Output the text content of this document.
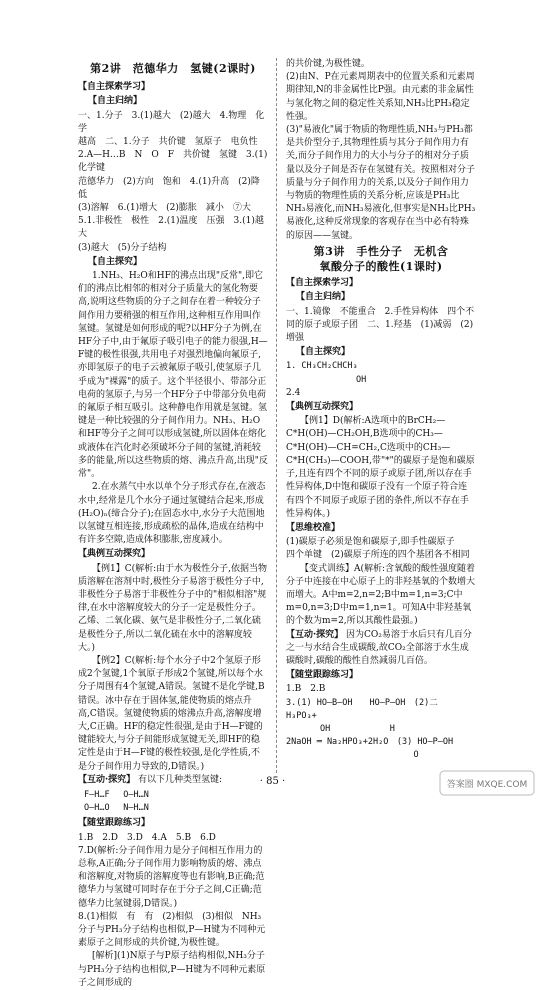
第2讲　范德华力　氢键(2课时)
【自主探索学习】
【自主归纳】

一、1.分子　3.(1)越大　(2)越大　4.物理　化学

越高　二、1.分子　共价键　氢原子　电负性

2.A—H…B　N　O　F　共价键　氢键　3.(1)化学键

范德华力　(2)方向　饱和　4.(1)升高　(2)降低

(3)溶解　6.(1)增大　(2)膨胀　减小　⑦大

5.1.非极性　极性　2.(1)温度　压强　3.(1)越大

(3)越大　(5)分子结构

【自主探究】

1.NH₃、H₂O和HF的沸点出现"反常",即它们的沸点比相邻的相对分子质量大的氢化物要高,说明这些物质的分子之间存在着一种较分子间作用力要稍强的相互作用,这种相互作用叫作氢键。氢键是如何形成的呢?以HF分子为例,在HF分子中,由于氟原子吸引电子的能力很强,H—F键的极性很强,共用电子对强烈地偏向氟原子,亦即氢原子的电子云被氟原子吸引,使氢原子几乎成为"裸露"的质子。这个半径很小、带部分正电荷的氢原子,与另一个HF分子中带部分负电荷的氟原子相互吸引。这种静电作用就是氢键。氢键是一种比较强的分子间作用力。NH₃、H₂O和HF等分子之间可以形成氢键,所以固体在熔化或液体在汽化时必须破坏分子间的氢键,消耗较多的能量,所以这些物质的熔、沸点升高,出现"反常"。

2.在水蒸气中水以单个分子形式存在,在液态水中,经常是几个水分子通过氢键结合起来,形成(H₂O)ₙ(缔合分子);在固态水中,水分子大范围地以氢键互相连接,形成疏松的晶体,造成在结构中有许多空隙,造成体积膨胀,密度减小。

【典例互动探究】

【例1】C(解析:由于水为极性分子,依据当物质溶解在溶剂中时,极性分子易溶于极性分子中,非极性分子易溶于非极性分子中的"相似相溶"规律,在水中溶解度较大的分子一定是极性分子。乙烯、二氧化碳、氨气是非极性分子,二氧化硫是极性分子,所以二氧化硫在水中的溶解度较大。)

【例2】C(解析:每个水分子中2个氢原子形成2个氢键,1个氧原子形成2个氢键,所以每个水分子周围有4个氢键,A错误。氢键不是化学键,B错误。冰中存在于固体氢,能使物质的熔点升高,C错误。氢键使物质的熔沸点升高,溶解度增大,C正确。HF的稳定性很强,是由于H—F键的键能较大,与分子间能形成氢键无关,即HF的稳定性是由于H—F键的极性较强,是化学性质,不是分子间作用力导致的,D错误。)

【互动·探究】 有以下几种类型氢键:

F—H…F　 O—H…N
O—H…O　 N—H…N
【随堂跟踪练习】

1.B　2.D　3.D　4.A　5.B　6.D

7.D(解析:分子间作用力是分子间相互作用力的总称,A正确;分子间作用力影响物质的熔、沸点和溶解度,对物质的溶解度等也有影响,B正确;范德华力与氢键可同时存在于分子之间,C正确;范德华力比氢键弱,D错误。)

8.(1)相似　有　有　(2)相似　(3)相似　NH₃分子与PH₃分子结构也相似,P—H键为不同种元素原子之间形成的共价键,为极性键。

[解析](1)N原子与P原子结构相似,NH₃分子与PH₃分子结构也相似,P—H键为不同种元素原子之间形成的

的共价键,为极性键。

(2)由N、P在元素周期表中的位置关系和元素周期律知,N的非金属性比P强。由元素的非金属性与氢化物之间的稳定性关系知,NH₃比PH₃稳定性强。

(3)"易液化"属于物质的物理性质,NH₃与PH₃都是共价型分子,其物理性质与其分子间作用力有关,而分子间作用力的大小与分子的相对分子质量以及分子间是否存在氢键有关。按照相对分子质量与分子间作用力的关系,以及分子间作用力与物质的物理性质的关系分析,应该是PH₃比NH₃易液化,而NH₃易液化,但事实是NH₃比PH₃易液化,这种反常现象的客观存在当中必有特殊的原因——氢键。

第3讲　手性分子　无机含
氧酸分子的酸性(1课时)
【自主探索学习】
【自主归纳】

一、1.镜像　不能重合　2.手性异构体　四个不同的原子或原子团　二、1.羟基　(1)减弱　(2)增强

【自主探究】

1. CH₃CH₂CHCH₃

OH

2.4

【典例互动探究】

【例1】D(解析:A选项中的BrCH₂—C*H(OH)—CH₂OH,B选项中的CH₃—C*H(OH)—CH=CH₂,C选项中的CH₃—C*H(CH₃)—COOH,带"*"的碳原子是饱和碳原子,且连有四个不同的原子或原子团,所以存在手性异构体,D中饱和碳原子没有一个原子符合连有四个不同原子或原子团的条件,所以不存在手性异构体。)

【思维校准】

(1)碳原子必须是饱和碳原子,即手性碳原子

四个单键　(2)碳原子所连的四个基团各不相同

【变式训练】A(解析:含氧酸的酸性强度随着分子中连接在中心原子上的非羟基氧的个数增大而增大。A中m=2,n=2;B中m=1,n=3;C中m=0,n=3;D中m=1,n=1。可知A中非羟基氧的个数为m=2,所以其酸性最强。)

【互动·探究】 因为CO₂易溶于水后只有几百分之一与水结合生成碳酸,故CO₂全部溶于水生成碳酸时,碳酸的酸性自然减弱几百倍。

【随堂跟踪练习】

1.B　2.B

3.(1) HO—B—OH　　HO—P—OH　(2)二　H₃PO₃+

　　　　OH　　　　　　　H

2NaOH ═ Na₂HPO₃+2H₂O　(3) HO—P—OH

　　　　　　　　　　　　　　　O

· 85 ·	答案圈 MXQE.COM
